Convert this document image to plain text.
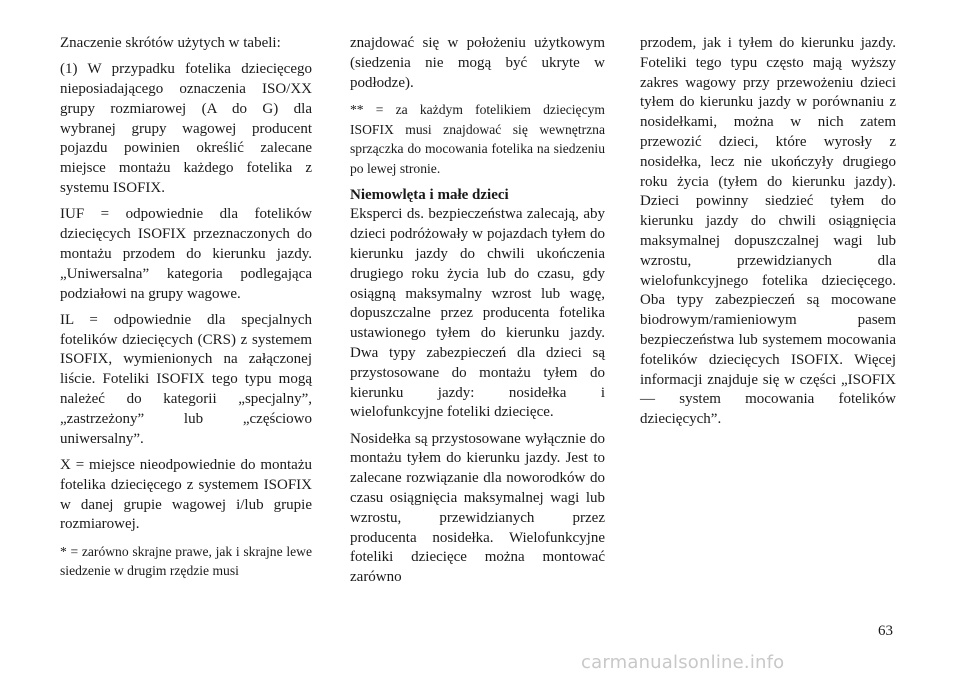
Znaczenie skrótów użytych w tabeli:

(1) W przypadku fotelika dziecięcego nieposiadającego oznaczenia ISO/XX grupy rozmiarowej (A do G) dla wybranej grupy wagowej producent pojazdu powinien określić zalecane miejsce montażu każdego fotelika z systemu ISOFIX.

IUF = odpowiednie dla fotelików dziecięcych ISOFIX przeznaczonych do montażu przodem do kierunku jazdy. „Uniwersalna” kategoria podlegająca podziałowi na grupy wagowe.

IL = odpowiednie dla specjalnych fotelików dziecięcych (CRS) z systemem ISOFIX, wymienionych na załączonej liście. Foteliki ISOFIX tego typu mogą należeć do kategorii „specjalny”, „zastrzeżony” lub „częściowo uniwersalny”.

X = miejsce nieodpowiednie do montażu fotelika dziecięcego z systemem ISOFIX w danej grupie wagowej i/lub grupie rozmiarowej.

* = zarówno skrajne prawe, jak i skrajne lewe siedzenie w drugim rzędzie musi

znajdować się w położeniu użytkowym (siedzenia nie mogą być ukryte w podłodze).

** = za każdym fotelikiem dziecięcym ISOFIX musi znajdować się wewnętrzna sprzączka do mocowania fotelika na siedzeniu po lewej stronie.

Niemowlęta i małe dzieci

Eksperci ds. bezpieczeństwa zalecają, aby dzieci podróżowały w pojazdach tyłem do kierunku jazdy do chwili ukończenia drugiego roku życia lub do czasu, gdy osiągną maksymalny wzrost lub wagę, dopuszczalne przez producenta fotelika ustawionego tyłem do kierunku jazdy. Dwa typy zabezpieczeń dla dzieci są przystosowane do montażu tyłem do kierunku jazdy: nosidełka i wielofunkcyjne foteliki dziecięce.

Nosidełka są przystosowane wyłącznie do montażu tyłem do kierunku jazdy. Jest to zalecane rozwiązanie dla noworodków do czasu osiągnięcia maksymalnej wagi lub wzrostu, przewidzianych przez producenta nosidełka. Wielofunkcyjne foteliki dziecięce można montować zarówno

przodem, jak i tyłem do kierunku jazdy. Foteliki tego typu często mają wyższy zakres wagowy przy przewożeniu dzieci tyłem do kierunku jazdy w porównaniu z nosidełkami, można w nich zatem przewozić dzieci, które wyrosły z nosidełka, lecz nie ukończyły drugiego roku życia (tyłem do kierunku jazdy). Dzieci powinny siedzieć tyłem do kierunku jazdy do chwili osiągnięcia maksymalnej dopuszczalnej wagi lub wzrostu, przewidzianych dla wielofunkcyjnego fotelika dziecięcego. Oba typy zabezpieczeń są mocowane biodrowym/ramieniowym pasem bezpieczeństwa lub systemem mocowania fotelików dziecięcych ISOFIX. Więcej informacji znajduje się w części „ISOFIX — system mocowania fotelików dziecięcych”.

63
carmanualsonline.info
